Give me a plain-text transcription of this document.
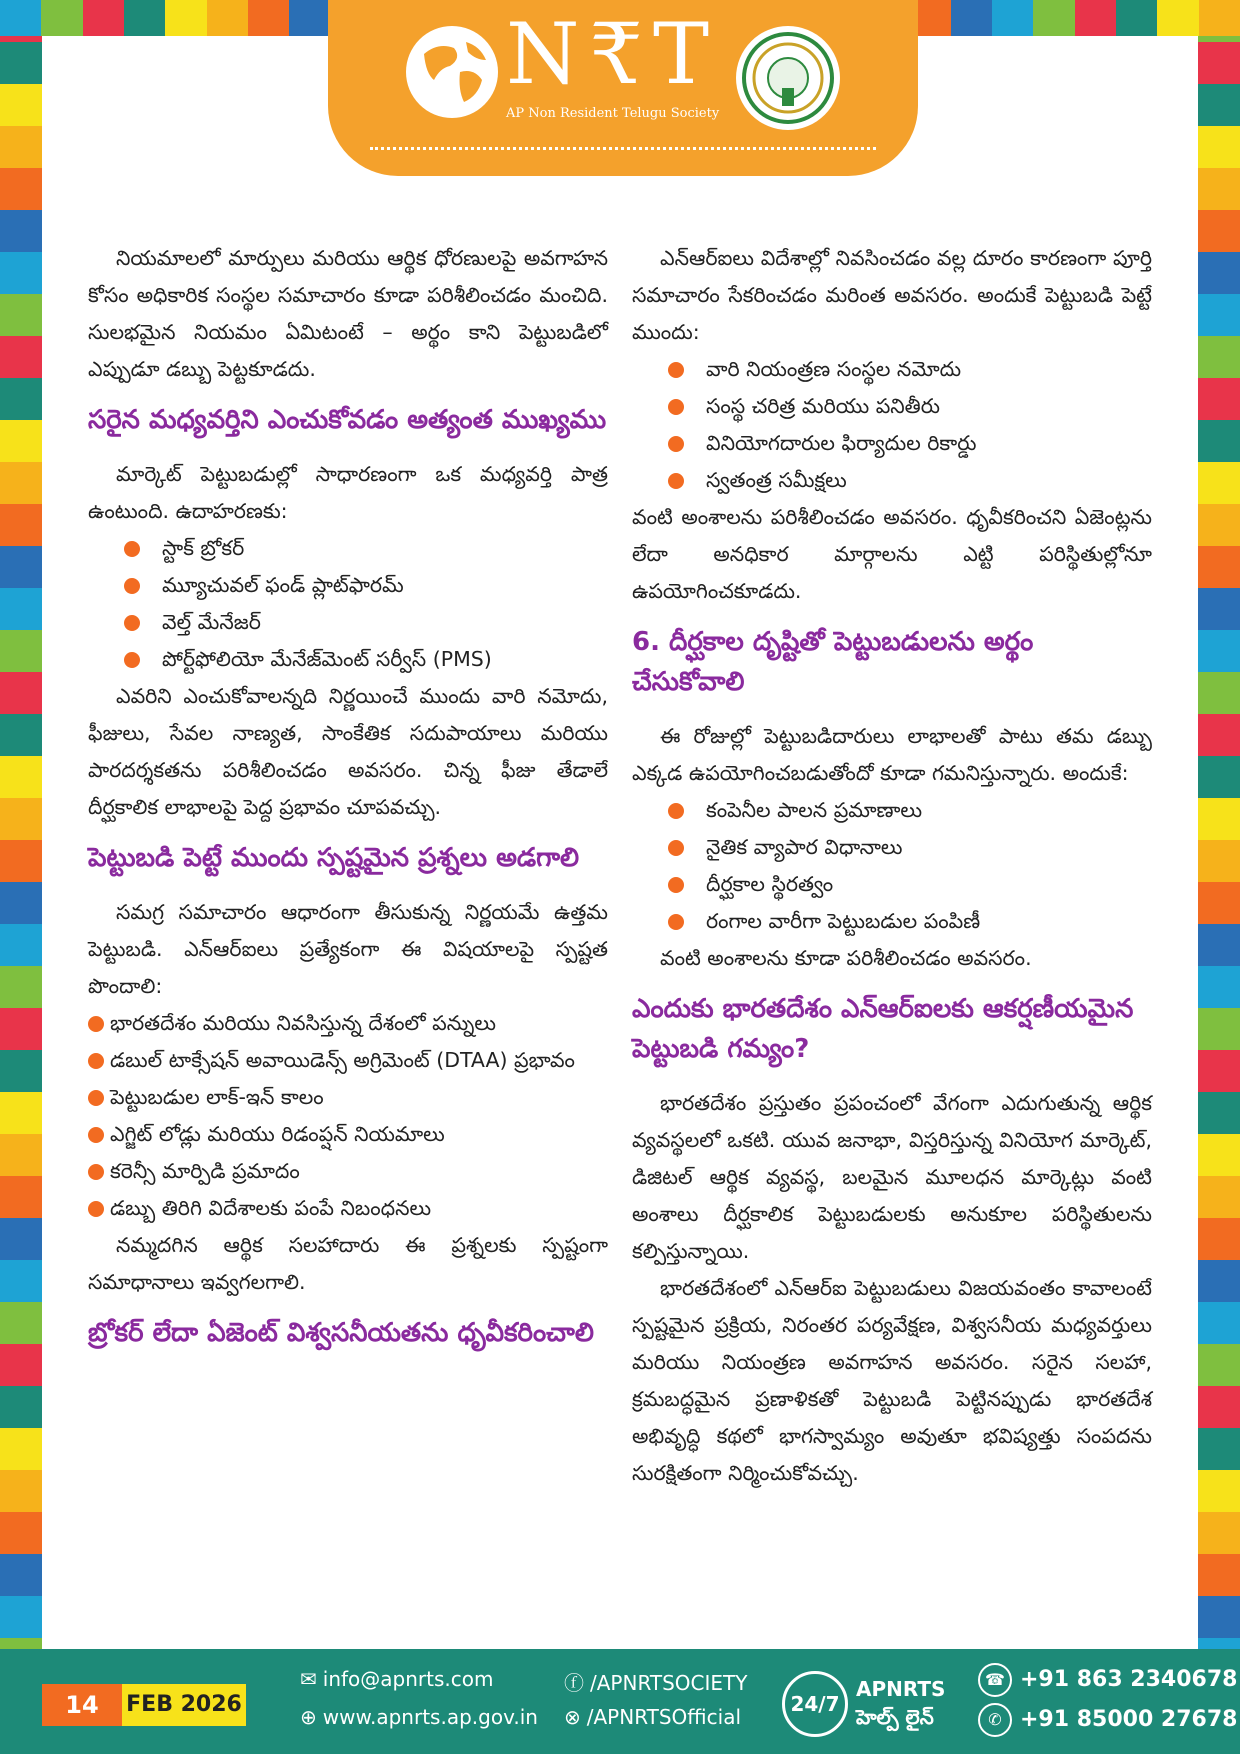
N₹T
AP Non Resident Telugu Society

నియమాలలో మార్పులు మరియు ఆర్థిక ధోరణులపై అవగాహన కోసం అధికారిక సంస్థల సమాచారం కూడా పరిశీలించడం మంచిది. సులభమైన నియమం ఏమిటంటే – అర్థం కాని పెట్టుబడిలో ఎప్పుడూ డబ్బు పెట్టకూడదు.

సరైన మధ్యవర్తిని ఎంచుకోవడం అత్యంత ముఖ్యము

మార్కెట్ పెట్టుబడుల్లో సాధారణంగా ఒక మధ్యవర్తి పాత్ర ఉంటుంది. ఉదాహరణకు:

స్టాక్ బ్రోకర్
మ్యూచువల్ ఫండ్ ప్లాట్‌ఫారమ్
వెల్త్ మేనేజర్
పోర్ట్‌ఫోలియో మేనేజ్‌మెంట్ సర్వీస్ (PMS)

ఎవరిని ఎంచుకోవాలన్నది నిర్ణయించే ముందు వారి నమోదు, ఫీజులు, సేవల నాణ్యత, సాంకేతిక సదుపాయాలు మరియు పారదర్శకతను పరిశీలించడం అవసరం. చిన్న ఫీజు తేడాలే దీర్ఘకాలిక లాభాలపై పెద్ద ప్రభావం చూపవచ్చు.

పెట్టుబడి పెట్టే ముందు స్పష్టమైన ప్రశ్నలు అడగాలి

సమగ్ర సమాచారం ఆధారంగా తీసుకున్న నిర్ణయమే ఉత్తమ పెట్టుబడి. ఎన్ఆర్ఐలు ప్రత్యేకంగా ఈ విషయాలపై స్పష్టత పొందాలి:

భారతదేశం మరియు నివసిస్తున్న దేశంలో పన్నులు
డబుల్ టాక్సేషన్ అవాయిడెన్స్ అగ్రిమెంట్ (DTAA) ప్రభావం
పెట్టుబడుల లాక్-ఇన్ కాలం
ఎగ్జిట్ లోడ్లు మరియు రిడంప్షన్ నియమాలు
కరెన్సీ మార్పిడి ప్రమాదం
డబ్బు తిరిగి విదేశాలకు పంపే నిబంధనలు

నమ్మదగిన ఆర్థిక సలహాదారు ఈ ప్రశ్నలకు స్పష్టంగా సమాధానాలు ఇవ్వగలగాలి.

బ్రోకర్ లేదా ఏజెంట్ విశ్వసనీయతను ధృవీకరించాలి

ఎన్ఆర్ఐలు విదేశాల్లో నివసించడం వల్ల దూరం కారణంగా పూర్తి సమాచారం సేకరించడం మరింత అవసరం. అందుకే పెట్టుబడి పెట్టే ముందు:

వారి నియంత్రణ సంస్థల నమోదు
సంస్థ చరిత్ర మరియు పనితీరు
వినియోగదారుల ఫిర్యాదుల రికార్డు
స్వతంత్ర సమీక్షలు

వంటి అంశాలను పరిశీలించడం అవసరం. ధృవీకరించని ఏజెంట్లను లేదా అనధికార మార్గాలను ఎట్టి పరిస్థితుల్లోనూ ఉపయోగించకూడదు.

6. దీర్ఘకాల దృష్టితో పెట్టుబడులను అర్థం చేసుకోవాలి

ఈ రోజుల్లో పెట్టుబడిదారులు లాభాలతో పాటు తమ డబ్బు ఎక్కడ ఉపయోగించబడుతోందో కూడా గమనిస్తున్నారు. అందుకే:

కంపెనీల పాలన ప్రమాణాలు
నైతిక వ్యాపార విధానాలు
దీర్ఘకాల స్థిరత్వం
రంగాల వారీగా పెట్టుబడుల పంపిణీ

వంటి అంశాలను కూడా పరిశీలించడం అవసరం.

ఎందుకు భారతదేశం ఎన్ఆర్ఐలకు ఆకర్షణీయమైన పెట్టుబడి గమ్యం?

భారతదేశం ప్రస్తుతం ప్రపంచంలో వేగంగా ఎదుగుతున్న ఆర్థిక వ్యవస్థలలో ఒకటి. యువ జనాభా, విస్తరిస్తున్న వినియోగ మార్కెట్, డిజిటల్ ఆర్థిక వ్యవస్థ, బలమైన మూలధన మార్కెట్లు వంటి అంశాలు దీర్ఘకాలిక పెట్టుబడులకు అనుకూల పరిస్థితులను కల్పిస్తున్నాయి.

భారతదేశంలో ఎన్ఆర్ఐ పెట్టుబడులు విజయవంతం కావాలంటే స్పష్టమైన ప్రక్రియ, నిరంతర పర్యవేక్షణ, విశ్వసనీయ మధ్యవర్తులు మరియు నియంత్రణ అవగాహన అవసరం. సరైన సలహా, క్రమబద్ధమైన ప్రణాళికతో పెట్టుబడి పెట్టినప్పుడు భారతదేశ అభివృద్ధి కథలో భాగస్వామ్యం అవుతూ భవిష్యత్తు సంపదను సురక్షితంగా నిర్మించుకోవచ్చు.

14	FEB 2026
✉ info@apnrts.com
⊕ www.apnrts.ap.gov.in
ⓕ /APNRTSOCIETY
⊗ /APNRTSOfficial
24/7
APNRTS
హెల్ప్ లైన్
☎ +91 863 2340678
✆ +91 85000 27678
